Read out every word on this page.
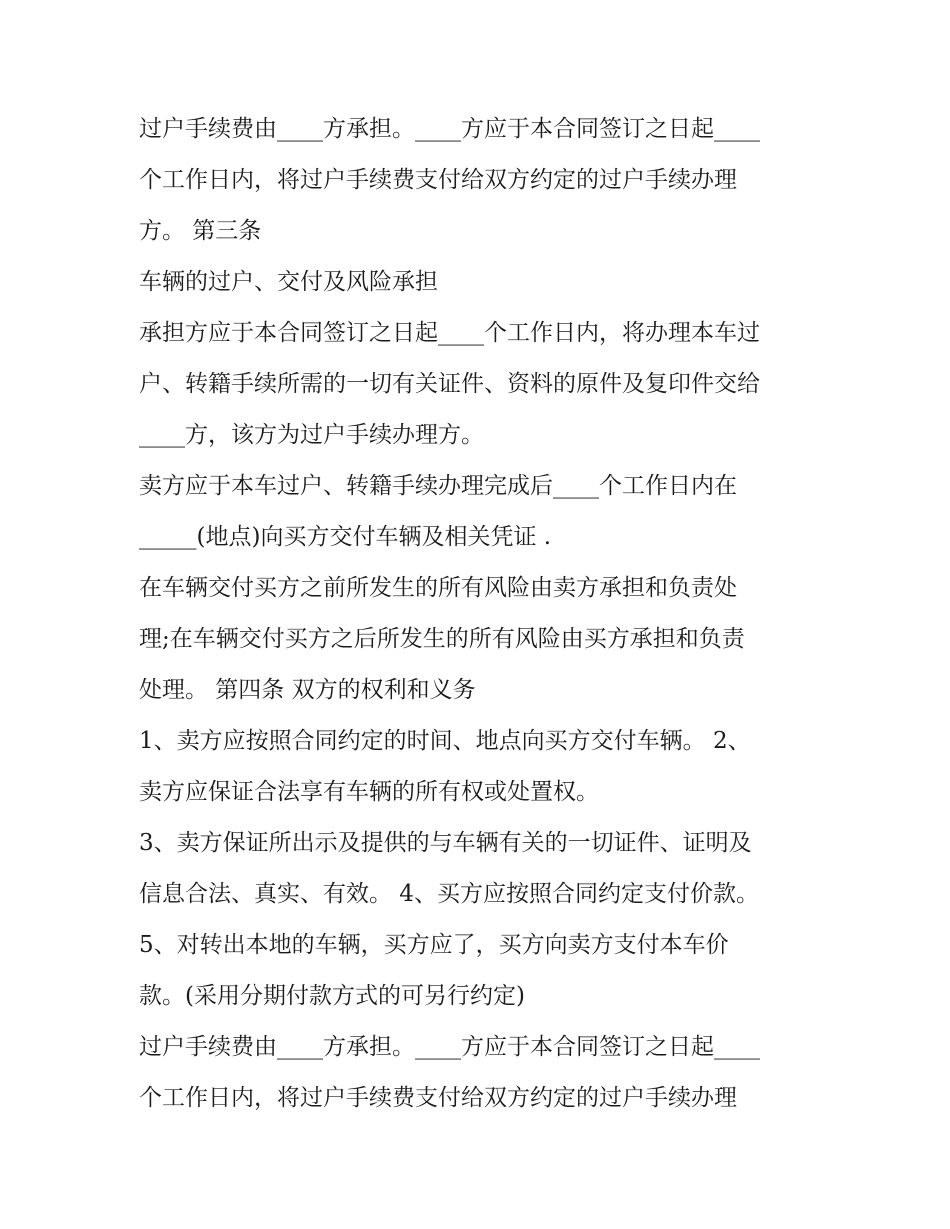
过户手续费由____方承担。____方应于本合同签订之日起____
个工作日内，将过户手续费支付给双方约定的过户手续办理
方。 第三条
车辆的过户、交付及风险承担
承担方应于本合同签订之日起____个工作日内，将办理本车过
户、转籍手续所需的一切有关证件、资料的原件及复印件交给
____方，该方为过户手续办理方。
卖方应于本车过户、转籍手续办理完成后____个工作日内在
_____(地点)向买方交付车辆及相关凭证 .
在车辆交付买方之前所发生的所有风险由卖方承担和负责处
理;在车辆交付买方之后所发生的所有风险由买方承担和负责
处理。 第四条 双方的权利和义务
1、卖方应按照合同约定的时间、地点向买方交付车辆。 2、
卖方应保证合法享有车辆的所有权或处置权。
3、卖方保证所出示及提供的与车辆有关的一切证件、证明及
信息合法、真实、有效。 4、买方应按照合同约定支付价款。
5、对转出本地的车辆，买方应了，买方向卖方支付本车价
款。(采用分期付款方式的可另行约定)
过户手续费由____方承担。____方应于本合同签订之日起____
个工作日内，将过户手续费支付给双方约定的过户手续办理
